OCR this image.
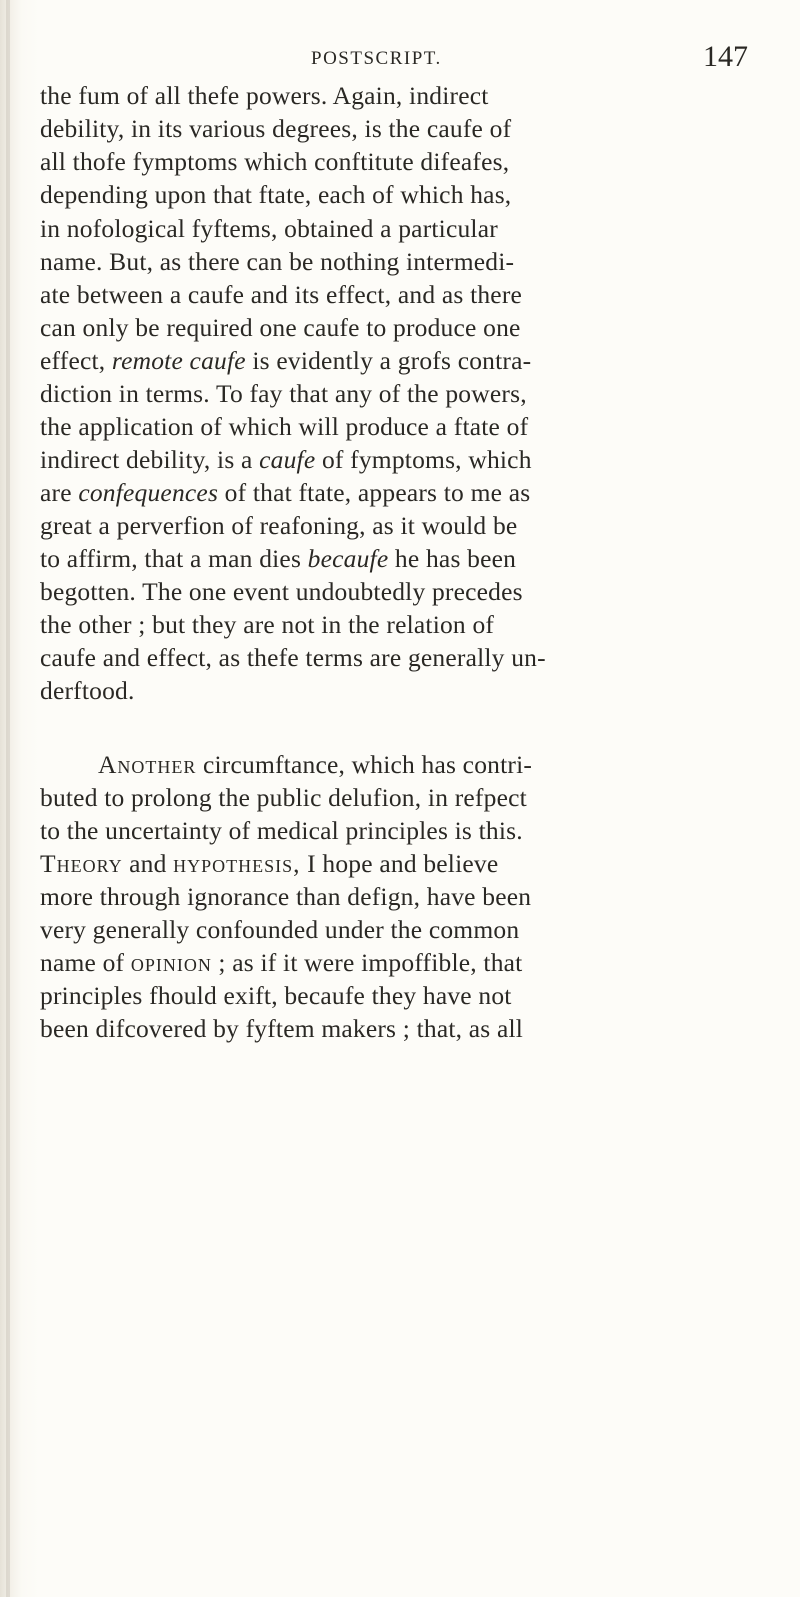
POSTSCRIPT.	147
the fum of all thefe powers. Again, indirect
debility, in its various degrees, is the caufe of
all thofe fymptoms which conftitute difeafes,
depending upon that ftate, each of which has,
in nofological fyftems, obtained a particular
name. But, as there can be nothing intermedi-
ate between a caufe and its effect, and as there
can only be required one caufe to produce one
effect, remote caufe is evidently a grofs contra-
diction in terms. To fay that any of the powers,
the application of which will produce a ftate of
indirect debility, is a caufe of fymptoms, which
are confequences of that ftate, appears to me as
great a perverfion of reafoning, as it would be
to affirm, that a man dies becaufe he has been
begotten. The one event undoubtedly precedes
the other ; but they are not in the relation of
caufe and effect, as thefe terms are generally un-
derftood.
Another circumftance, which has contri-
buted to prolong the public delufion, in refpect
to the uncertainty of medical principles is this.
Theory and hypothesis, I hope and believe
more through ignorance than defign, have been
very generally confounded under the common
name of opinion ; as if it were impoffible, that
principles fhould exift, becaufe they have not
been difcovered by fyftem makers ; that, as all
